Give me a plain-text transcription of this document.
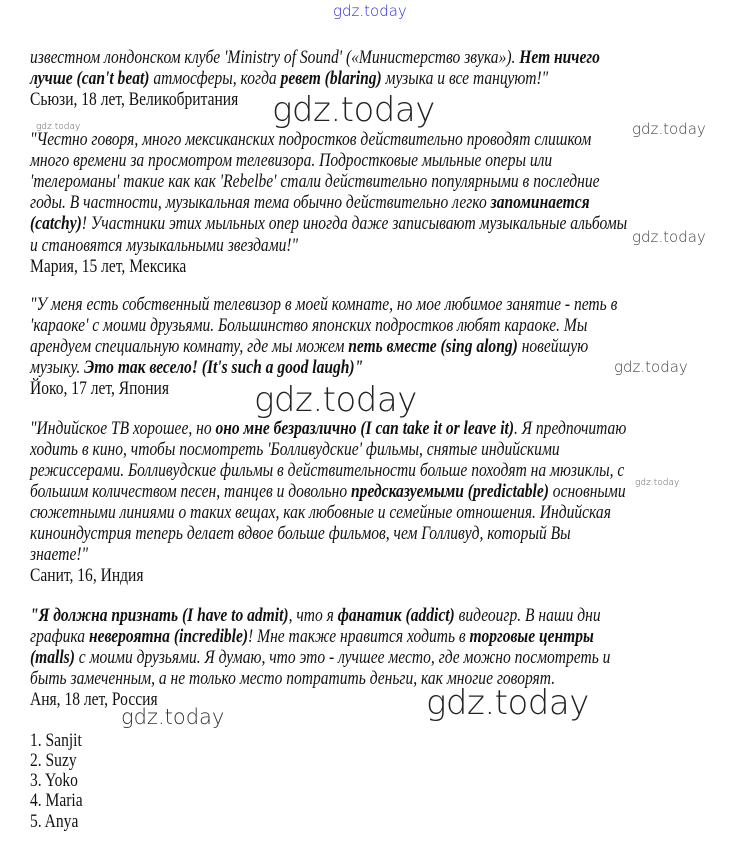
известном лондонском клубе 'Ministry of Sound' («Министерство звука»). Нет ничего
лучше (can't beat) атмосферы, когда ревет (blaring) музыка и все танцуют!"
Сьюзи, 18 лет, Великобритания
"Честно говоря, много мексиканских подростков действительно проводят слишком
много времени за просмотром телевизора. Подростковые мыльные оперы или
'телероманы' такие как как 'Rebelbe' стали действительно популярными в последние
годы. В частности, музыкальная тема обычно действительно легко запоминается
(catchy)! Участники этих мыльных опер иногда даже записывают музыкальные альбомы
и становятся музыкальными звездами!"
Мария, 15 лет, Мексика
"У меня есть собственный телевизор в моей комнате, но мое любимое занятие - петь в
'караоке' с моими друзьями. Большинство японских подростков любят караоке. Мы
арендуем специальную комнату, где мы можем петь вместе (sing along) новейшую
музыку. Это так весело! (It's such a good laugh)"
Йоко, 17 лет, Япония
"Индийское ТВ хорошее, но оно мне безразлично (I can take it or leave it). Я предпочитаю
ходить в кино, чтобы посмотреть 'Болливудские' фильмы, снятые индийскими
режиссерами. Болливудские фильмы в действительности больше походят на мюзиклы, с
большим количеством песен, танцев и довольно предсказуемыми (predictable) основными
сюжетными линиями о таких вещах, как любовные и семейные отношения. Индийская
киноиндустрия теперь делает вдвое больше фильмов, чем Голливуд, который Вы
знаете!"
Санит, 16, Индия
"Я должна признать (I have to admit), что я фанатик (addict) видеоигр. В наши дни
графика невероятна (incredible)! Мне также нравится ходить в торговые центры
(malls) с моими друзьями. Я думаю, что это - лучшее место, где можно посмотреть и
быть замеченным, а не только место потратить деньги, как многие говорят.
Аня, 18 лет, Россия
1. Sanjit
2. Suzy
3. Yoko
4. Maria
5. Anya
gdz.today
gdz.today
gdz.today	gdz.today
gdz.today
gdz.today
gdz.today
gdz.today
gdz.today
gdz.today
